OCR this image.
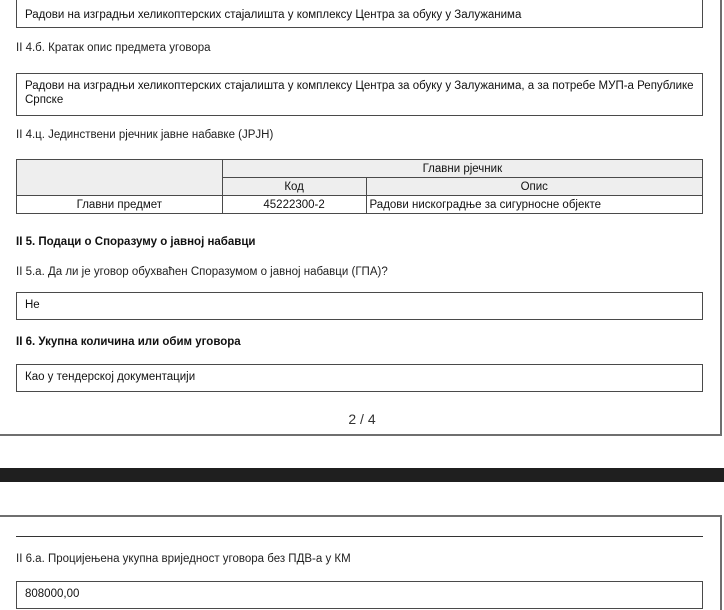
Радови на изградњи хеликоптерских стајалишта у комплексу Центра за обуку у Залужанима
II 4.б. Кратак опис предмета уговора
Радови на изградњи хеликоптерских стајалишта у комплексу Центра за обуку у Залужанима, а за потребе МУП-а Републике Српске
II 4.ц. Јединствени рјечник јавне набавке (ЈРЈН)
	Главни рјечник	
	Код	Опис
Главни предмет	45222300-2	Радови нискоградње за сигурносне објекте
II 5. Подаци о Споразуму о јавној набавци
II 5.а. Да ли је уговор обухваћен Споразумом о јавној набавци (ГПА)?
Не
II 6. Укупна количина или обим уговора
Као у тендерској документацији
2 / 4
II 6.а. Процијењена укупна вриједност уговора без ПДВ-а у КМ
808000,00
